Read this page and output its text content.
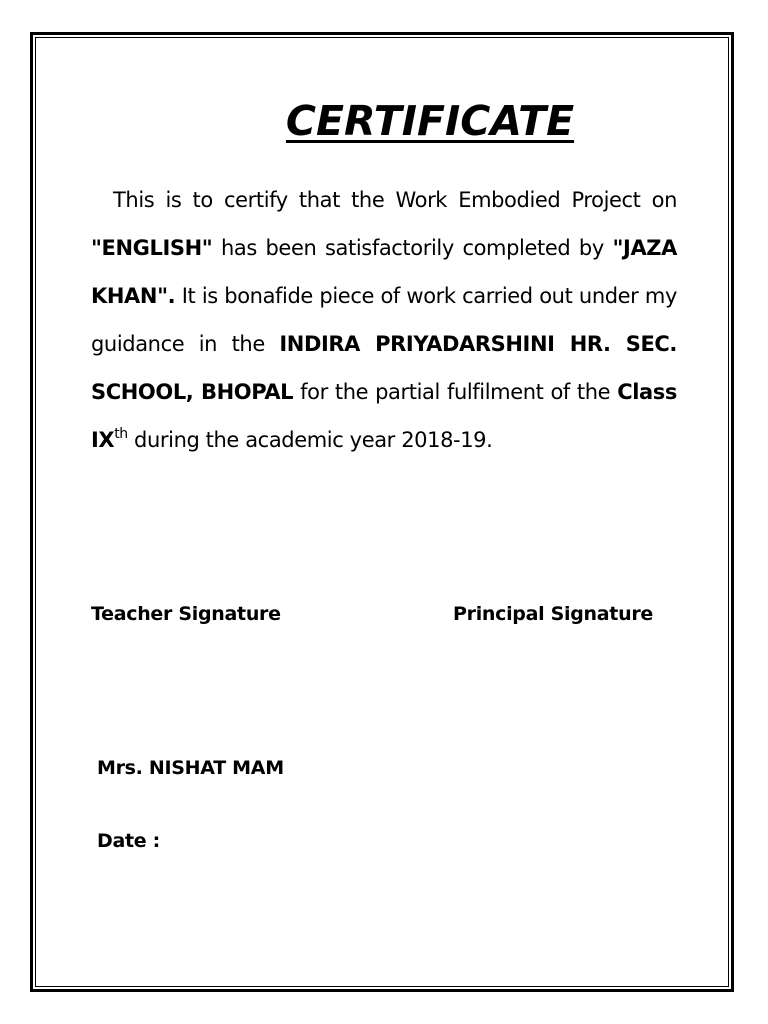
CERTIFICATE
This is to certify that the Work Embodied Project on "ENGLISH" has been satisfactorily completed by "JAZA KHAN". It is bonafide piece of work carried out under my guidance in the INDIRA PRIYADARSHINI HR. SEC. SCHOOL, BHOPAL for the partial fulfilment of the Class IXth during the academic year 2018-19.
Teacher Signature	Principal Signature
Mrs. NISHAT MAM
Date :
